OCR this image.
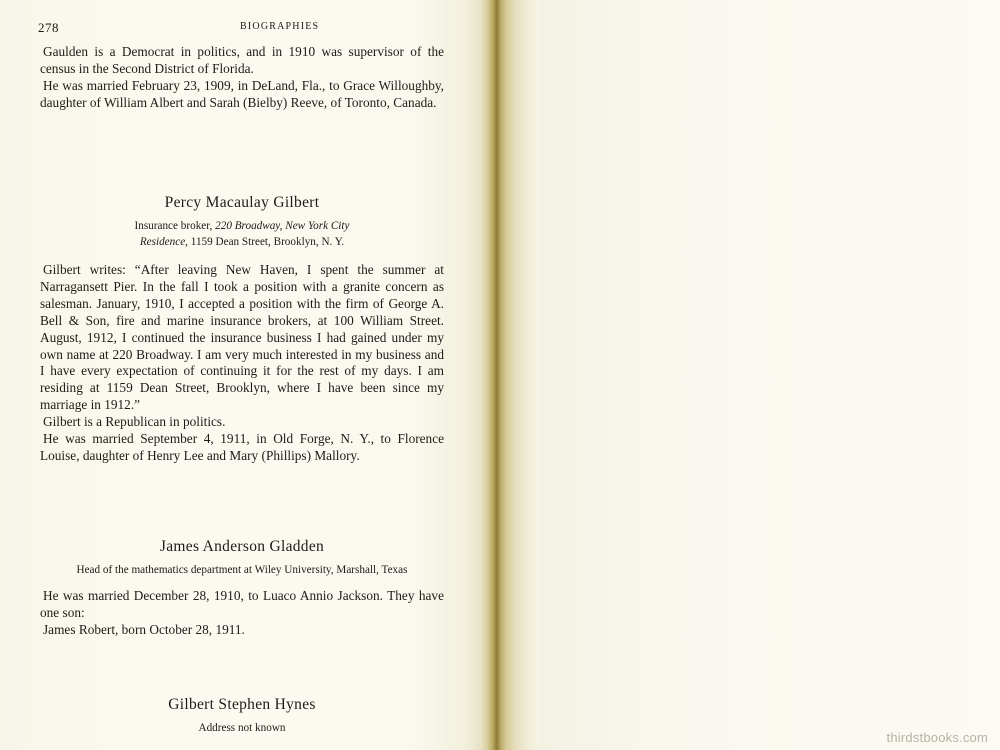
278	BIOGRAPHIES

Gaulden is a Democrat in politics, and in 1910 was supervisor of the census in the Second District of Florida.

He was married February 23, 1909, in DeLand, Fla., to Grace Willoughby, daughter of William Albert and Sarah (Bielby) Reeve, of Toronto, Canada.

Percy Macaulay Gilbert
Insurance broker, 220 Broadway, New York City
Residence, 1159 Dean Street, Brooklyn, N. Y.

Gilbert writes: “After leaving New Haven, I spent the summer at Narragansett Pier. In the fall I took a position with a granite concern as salesman. January, 1910, I accepted a position with the firm of George A. Bell & Son, fire and marine insurance brokers, at 100 William Street. August, 1912, I continued the insurance business I had gained under my own name at 220 Broadway. I am very much interested in my business and I have every expectation of continuing it for the rest of my days. I am residing at 1159 Dean Street, Brooklyn, where I have been since my marriage in 1912.”

Gilbert is a Republican in politics.

He was married September 4, 1911, in Old Forge, N. Y., to Florence Louise, daughter of Henry Lee and Mary (Phillips) Mallory.

James Anderson Gladden
Head of the mathematics department at Wiley University, Marshall, Texas

He was married December 28, 1910, to Luaco Annio Jackson. They have one son:

James Robert, born October 28, 1911.

Gilbert Stephen Hynes
Address not known
thirdstbooks.com
